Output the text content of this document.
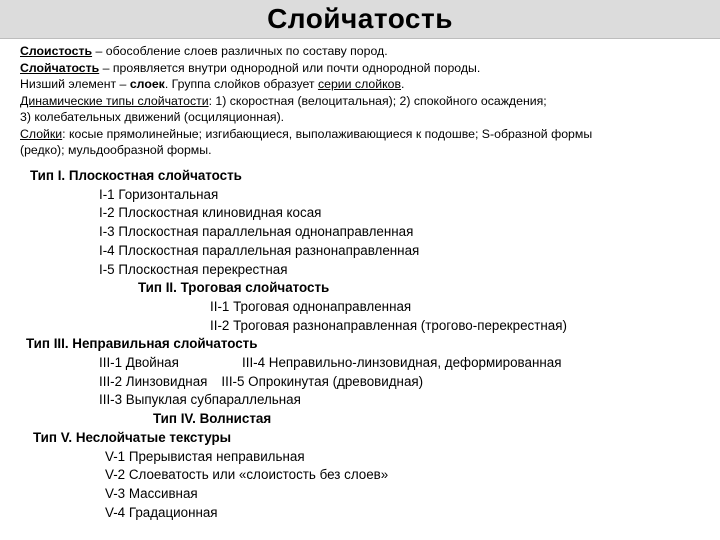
Слойчатость
Слоистость – обособление слоев различных по составу пород.
Слойчатость – проявляется внутри однородной или почти однородной породы.
Низший элемент – слоек. Группа слойков образует серии слойков.
Динамические типы слойчатости: 1) скоростная (велоцитальная); 2) спокойного осаждения;
3) колебательных движений (осциляционная).
Слойки: косые прямолинейные; изгибающиеся, выполаживающиеся к подошве; S-образной формы
(редко); мульдообразной формы.
Тип I. Плоскостная слойчатость
I-1 Горизонтальная
I-2 Плоскостная клиновидная косая
I-3 Плоскостная параллельная однонаправленная
I-4 Плоскостная параллельная разнонаправленная
I-5 Плоскостная перекрестная
Тип II. Троговая слойчатость
II-1 Троговая однонаправленная
II-2 Троговая разнонаправленная (трогово-перекрестная)
Тип III. Неправильная слойчатость
III-1 Двойная	III-4 Неправильно-линзовидная, деформированная
III-2 Линзовидная III-5 Опрокинутая (древовидная)
III-3 Выпуклая субпараллельная
Тип IV. Волнистая
Тип V. Неслойчатые текстуры
V-1 Прерывистая неправильная
V-2 Слоеватость или «слоистость без слоев»
V-3 Массивная
V-4 Градационная
